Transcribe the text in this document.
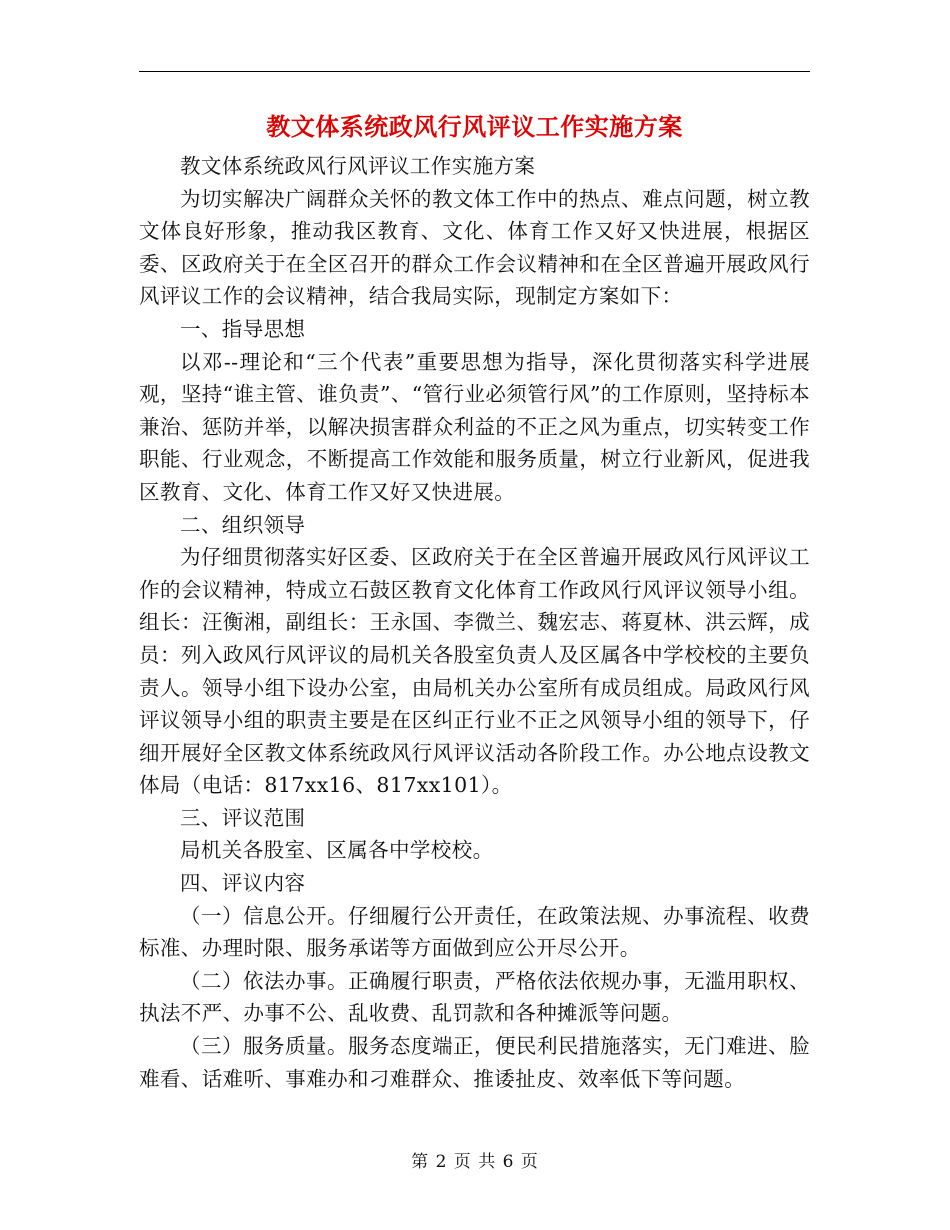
教文体系统政风行风评议工作实施方案

教文体系统政风行风评议工作实施方案

为切实解决广阔群众关怀的教文体工作中的热点、难点问题，树立教文体良好形象，推动我区教育、文化、体育工作又好又快进展，根据区委、区政府关于在全区召开的群众工作会议精神和在全区普遍开展政风行风评议工作的会议精神，结合我局实际，现制定方案如下：

一、指导思想

以邓--理论和“三个代表”重要思想为指导，深化贯彻落实科学进展观，坚持“谁主管、谁负责”、“管行业必须管行风”的工作原则，坚持标本兼治、惩防并举，以解决损害群众利益的不正之风为重点，切实转变工作职能、行业观念，不断提高工作效能和服务质量，树立行业新风，促进我区教育、文化、体育工作又好又快进展。

二、组织领导

为仔细贯彻落实好区委、区政府关于在全区普遍开展政风行风评议工作的会议精神，特成立石鼓区教育文化体育工作政风行风评议领导小组。组长：汪衡湘，副组长：王永国、李微兰、魏宏志、蒋夏林、洪云辉，成员：列入政风行风评议的局机关各股室负责人及区属各中学校校的主要负责人。领导小组下设办公室，由局机关办公室所有成员组成。局政风行风评议领导小组的职责主要是在区纠正行业不正之风领导小组的领导下，仔细开展好全区教文体系统政风行风评议活动各阶段工作。办公地点设教文体局（电话：817xx16、817xx101）。

三、评议范围

局机关各股室、区属各中学校校。

四、评议内容

（一）信息公开。仔细履行公开责任，在政策法规、办事流程、收费标准、办理时限、服务承诺等方面做到应公开尽公开。

（二）依法办事。正确履行职责，严格依法依规办事，无滥用职权、执法不严、办事不公、乱收费、乱罚款和各种摊派等问题。

（三）服务质量。服务态度端正，便民利民措施落实，无门难进、脸难看、话难听、事难办和刁难群众、推诿扯皮、效率低下等问题。

第 2 页 共 6 页
